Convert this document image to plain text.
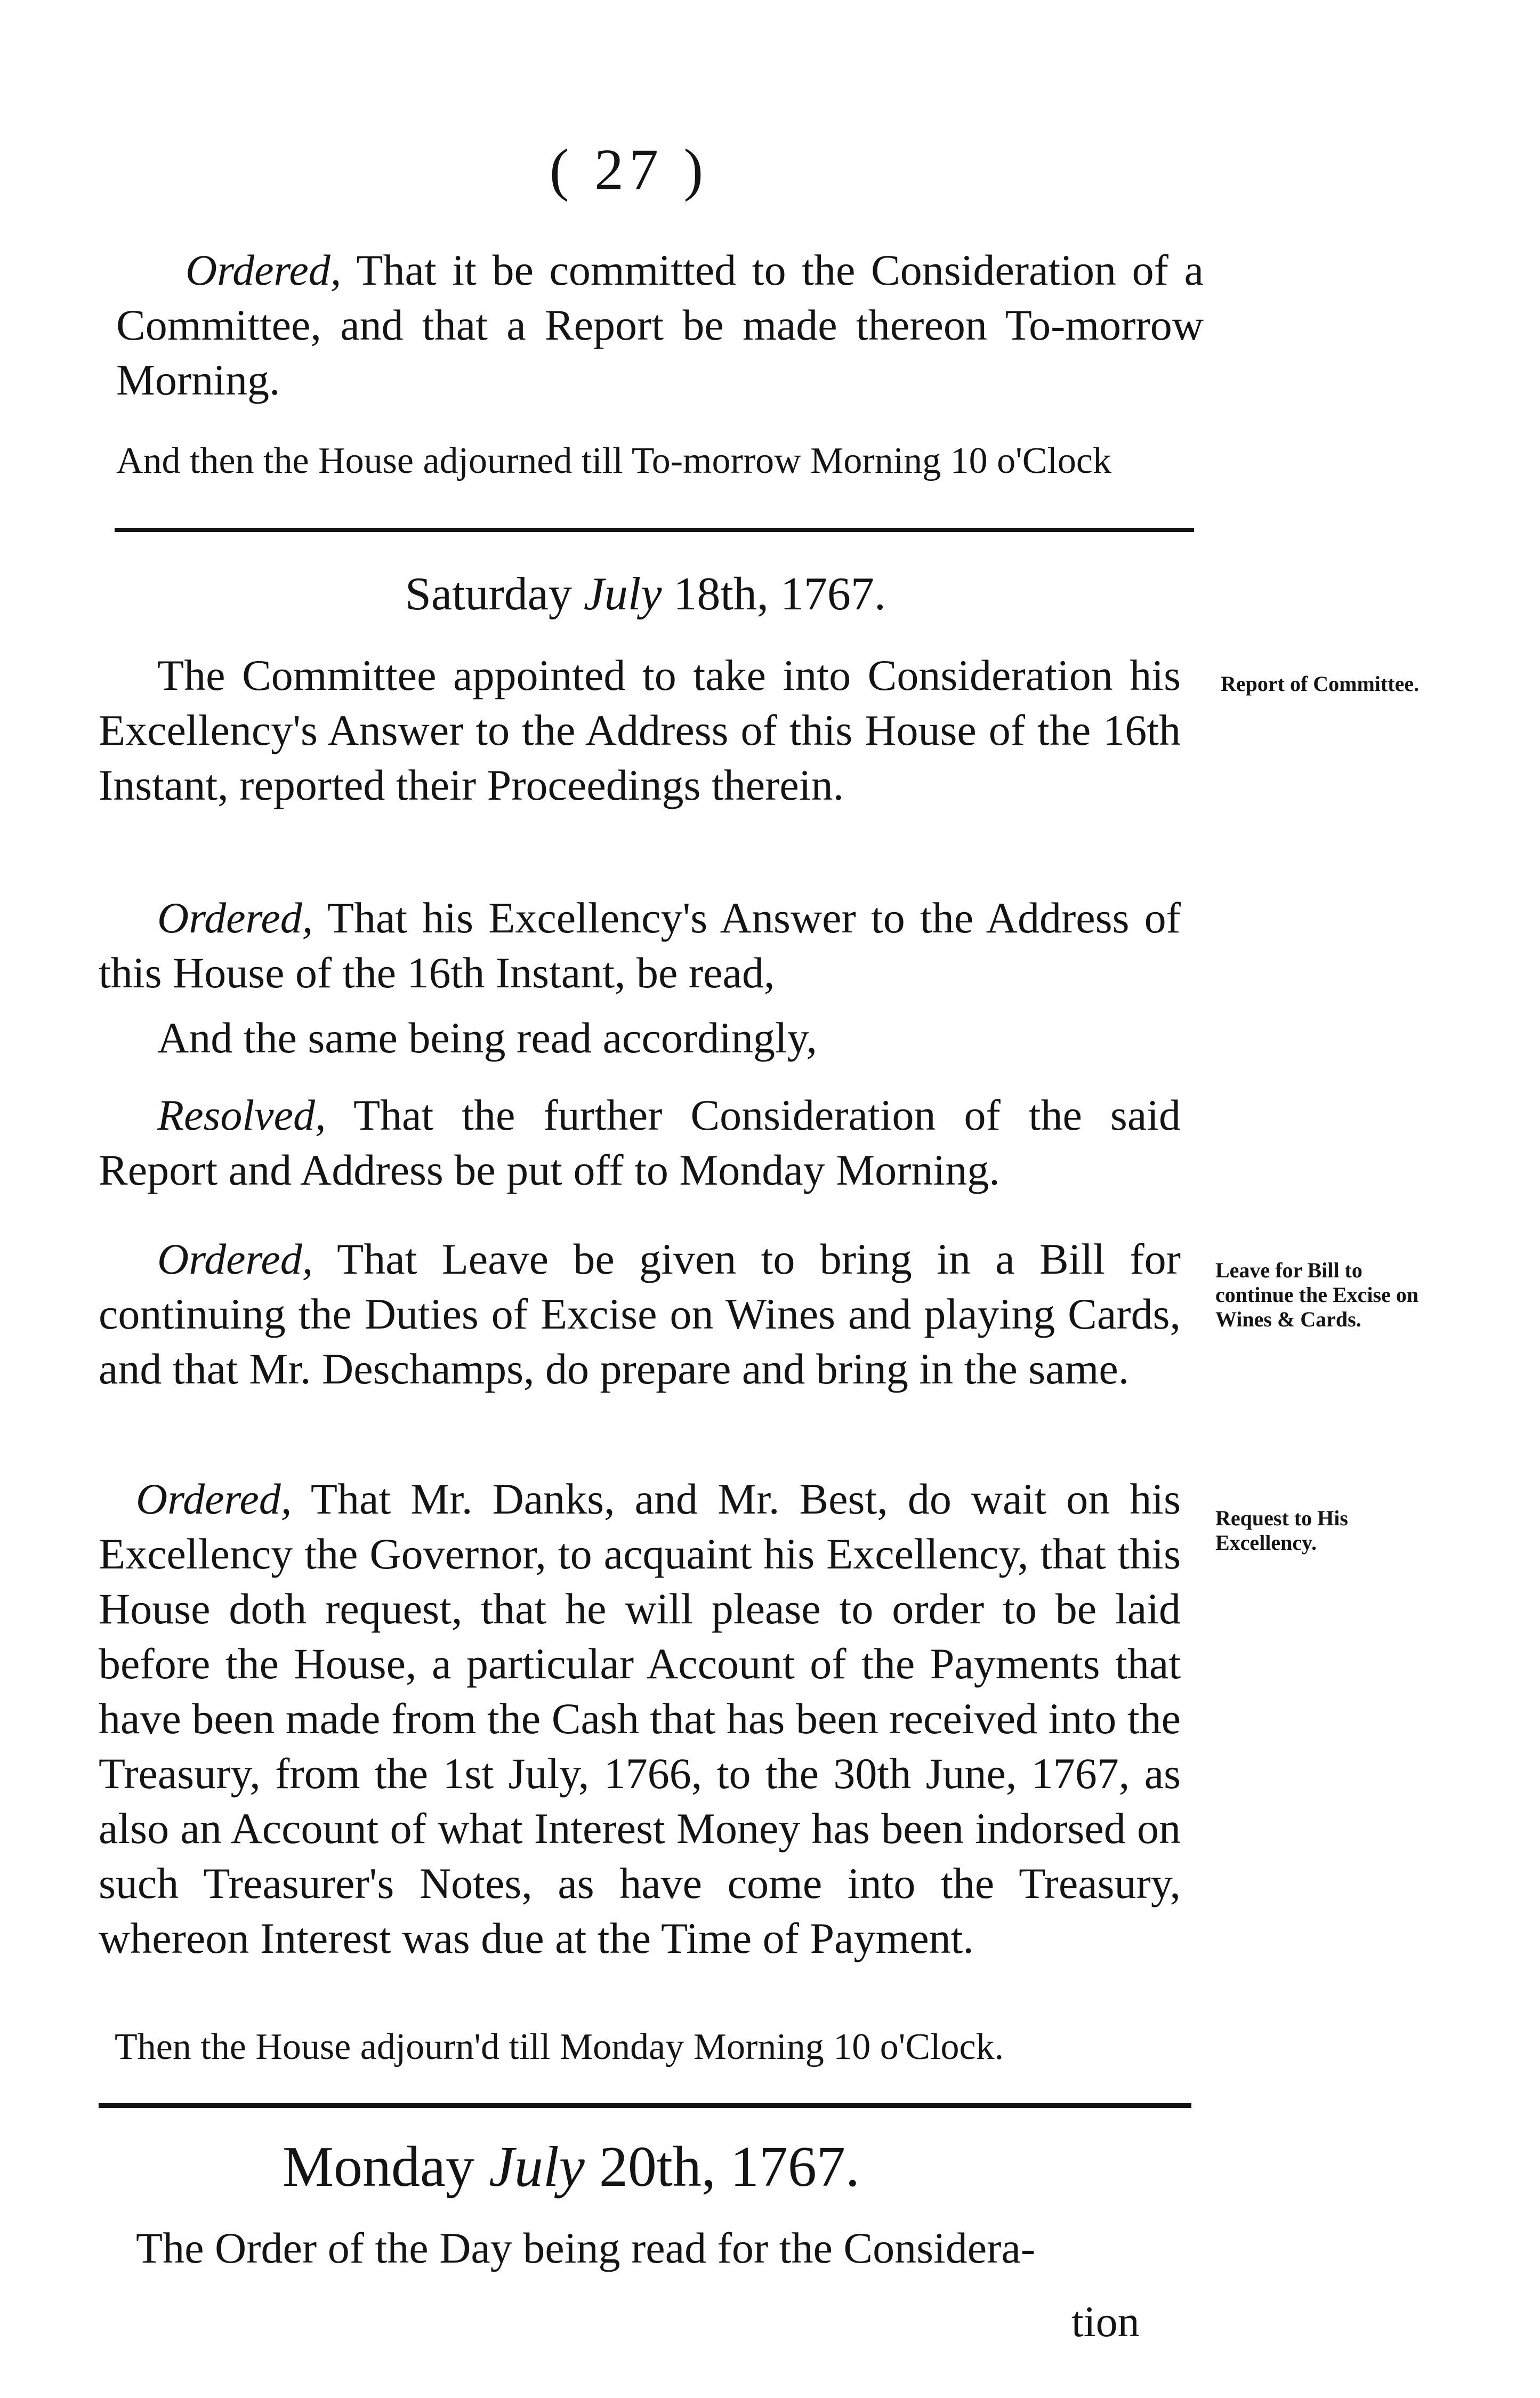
( 27 )
Ordered, That it be committed to the Consideration of a Committee, and that a Report be made thereon To-morrow Morning.
And then the House adjourned till To-morrow Morning 10 o'Clock
Saturday July 18th, 1767.
The Committee appointed to take into Consideration his Excellency's Answer to the Address of this House of the 16th Instant, reported their Proceedings therein.
Report of Committee.
Ordered, That his Excellency's Answer to the Address of this House of the 16th Instant, be read,
And the same being read accordingly,
Resolved, That the further Consideration of the said Report and Address be put off to Monday Morning.
Ordered, That Leave be given to bring in a Bill for continuing the Duties of Excise on Wines and playing Cards, and that Mr. Deschamps, do prepare and bring in the same.
Leave for Bill to continue the Excise on Wines & Cards.
Ordered, That Mr. Danks, and Mr. Best, do wait on his Excellency the Governor, to acquaint his Excellency, that this House doth request, that he will please to order to be laid before the House, a particular Account of the Payments that have been made from the Cash that has been received into the Treasury, from the 1st July, 1766, to the 30th June, 1767, as also an Account of what Interest Money has been indorsed on such Treasurer's Notes, as have come into the Treasury, whereon Interest was due at the Time of Payment.
Request to His Excellency.
Then the House adjourn'd till Monday Morning 10 o'Clock.
Monday July 20th, 1767.
The Order of the Day being read for the Considera-
tion
